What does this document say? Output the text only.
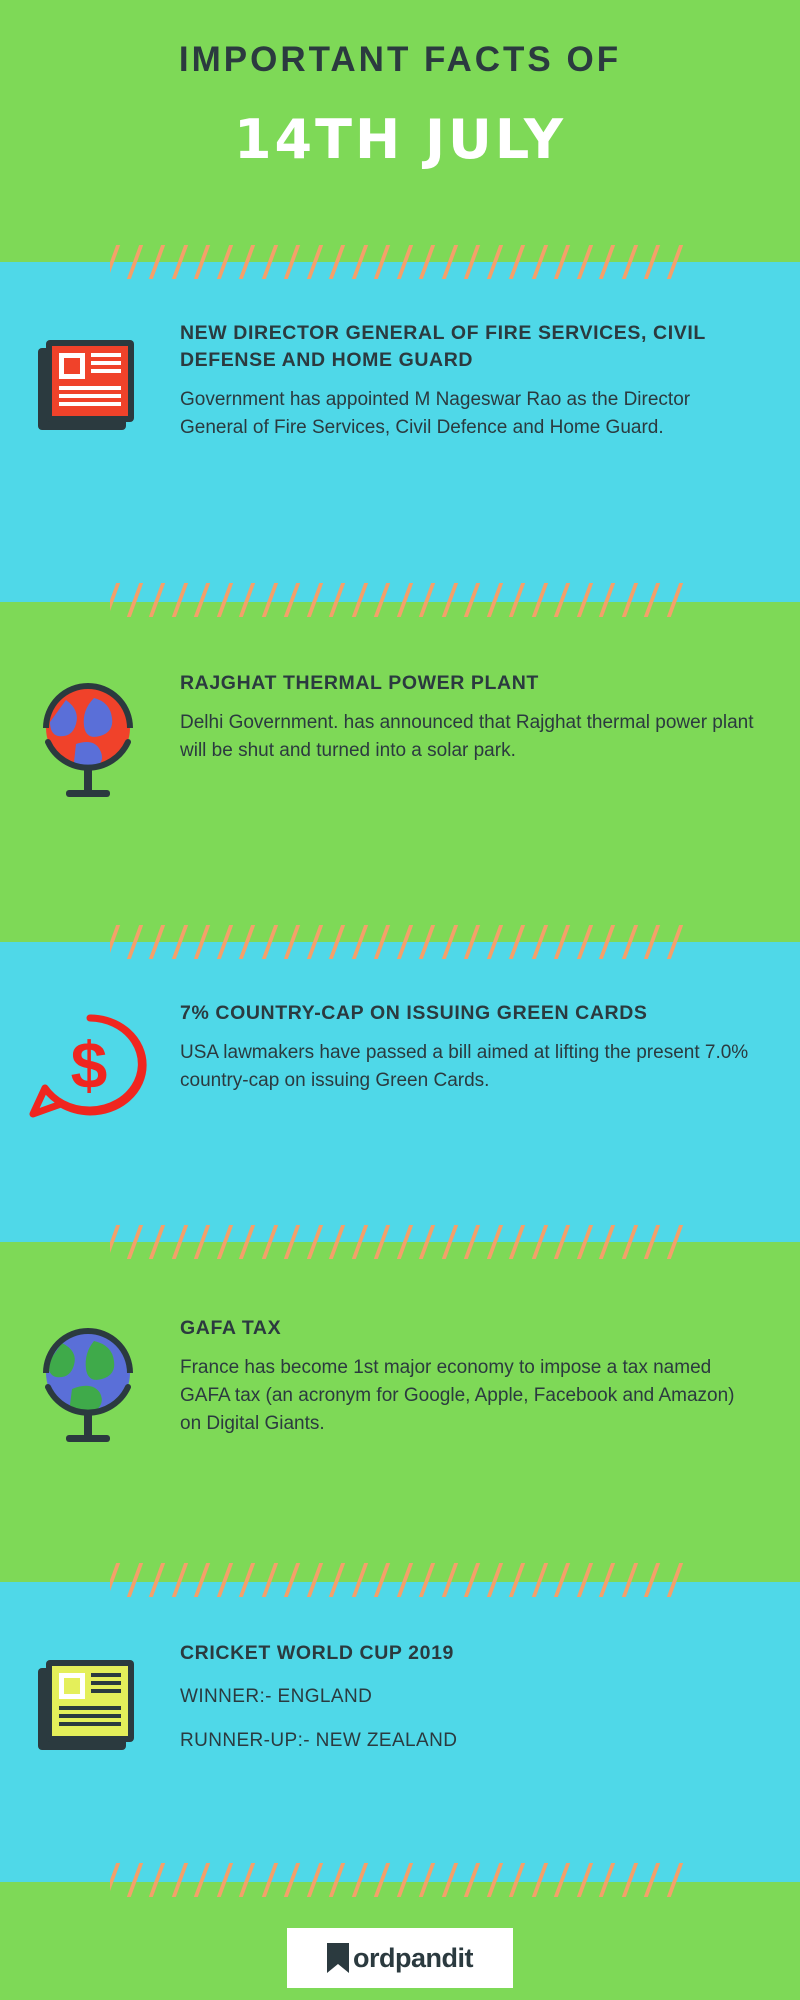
IMPORTANT FACTS OF
14TH JULY
NEW DIRECTOR GENERAL OF FIRE SERVICES, CIVIL DEFENSE AND HOME GUARD
Government has appointed M Nageswar Rao as the Director General of Fire Services, Civil Defence and Home Guard.
RAJGHAT THERMAL POWER PLANT
Delhi Government. has announced that Rajghat thermal power plant will be shut and turned into a solar park.
$
7% COUNTRY-CAP ON ISSUING GREEN CARDS
USA lawmakers have passed a bill aimed at lifting the present 7.0% country-cap on issuing Green Cards.
GAFA TAX
France has become 1st major economy to impose a tax named GAFA tax (an acronym for Google, Apple, Facebook and Amazon) on Digital Giants.
CRICKET WORLD CUP 2019
WINNER:- ENGLAND
RUNNER-UP:- NEW ZEALAND
ordpandit
